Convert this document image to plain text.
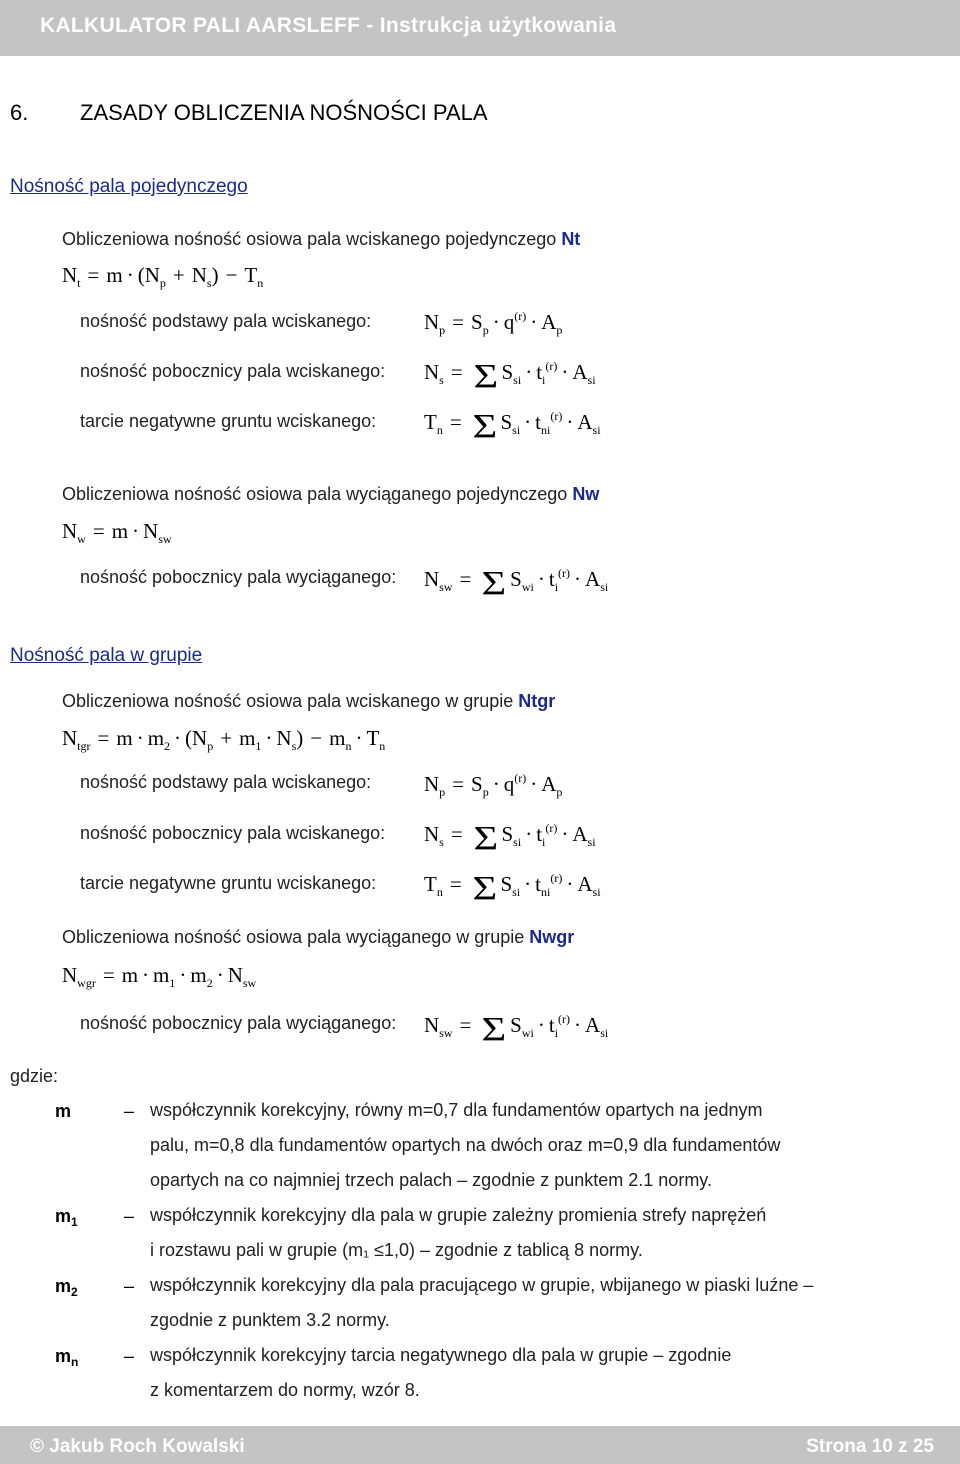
KALKULATOR PALI AARSLEFF - Instrukcja użytkowania
6. ZASADY OBLICZENIA NOŚNOŚCI PALA
Nośność pala pojedynczego
Obliczeniowa nośność osiowa pala wciskanego pojedynczego Nt
$N_t = m \cdot (N_p + N_s) - T_n$
nośność podstawy pala wciskanego:	$N_p = S_p \cdot q^{(r)} \cdot A_p$
nośność pobocznicy pala wciskanego: $N_s = \Sigma$ $S_{si} \cdot t_i^{(r)} \cdot A_{si}$
tarcie negatywne gruntu wciskanego: $T_n = \Sigma$ $S_{si} \cdot t_{ni}^{(r)} \cdot A_{si}$
Obliczeniowa nośność osiowa pala wyciąganego pojedynczego Nw
$N_w = m \cdot N_{sw}$
nośność pobocznicy pala wyciąganego: $N_{sw} = \Sigma$ $S_{wi} \cdot t_i^{(r)} \cdot A_{si}$
Nośność pala w grupie
Obliczeniowa nośność osiowa pala wciskanego w grupie Ntgr
$N_{tgr} = m \cdot m_2 \cdot (N_p + m_1 \cdot N_s) - m_n \cdot T_n$
nośność podstawy pala wciskanego:	$N_p = S_p \cdot q^{(r)} \cdot A_p$
nośność pobocznicy pala wciskanego: $N_s = \Sigma$ $S_{si} \cdot t_i^{(r)} \cdot A_{si}$
tarcie negatywne gruntu wciskanego: $T_n = \Sigma$ $S_{si} \cdot t_{ni}^{(r)} \cdot A_{si}$
Obliczeniowa nośność osiowa pala wyciąganego w grupie Nwgr
$N_{wgr} = m \cdot m_1 \cdot m_2 \cdot N_{sw}$
nośność pobocznicy pala wyciąganego: $N_{sw} = \Sigma$ $S_{wi} \cdot t_i^{(r)} \cdot A_{si}$
gdzie:
m	– współczynnik korekcyjny, równy m=0,7 dla fundamentów opartych na jednym
palu, m=0,8 dla fundamentów opartych na dwóch oraz m=0,9 dla fundamentów
opartych na co najmniej trzech palach – zgodnie z punktem 2.1 normy.
$m_1$	– współczynnik korekcyjny dla pala w grupie zależny promienia strefy naprężeń
i rozstawu pali w grupie (m₁ ≤1,0) – zgodnie z tablicą 8 normy.
$m_2$	– współczynnik korekcyjny dla pala pracującego w grupie, wbijanego w piaski luźne –
zgodnie z punktem 3.2 normy.
$m_n$	– współczynnik korekcyjny tarcia negatywnego dla pala w grupie – zgodnie
z komentarzem do normy, wzór 8.
© Jakub Roch Kowalski	Strona 10 z 25
